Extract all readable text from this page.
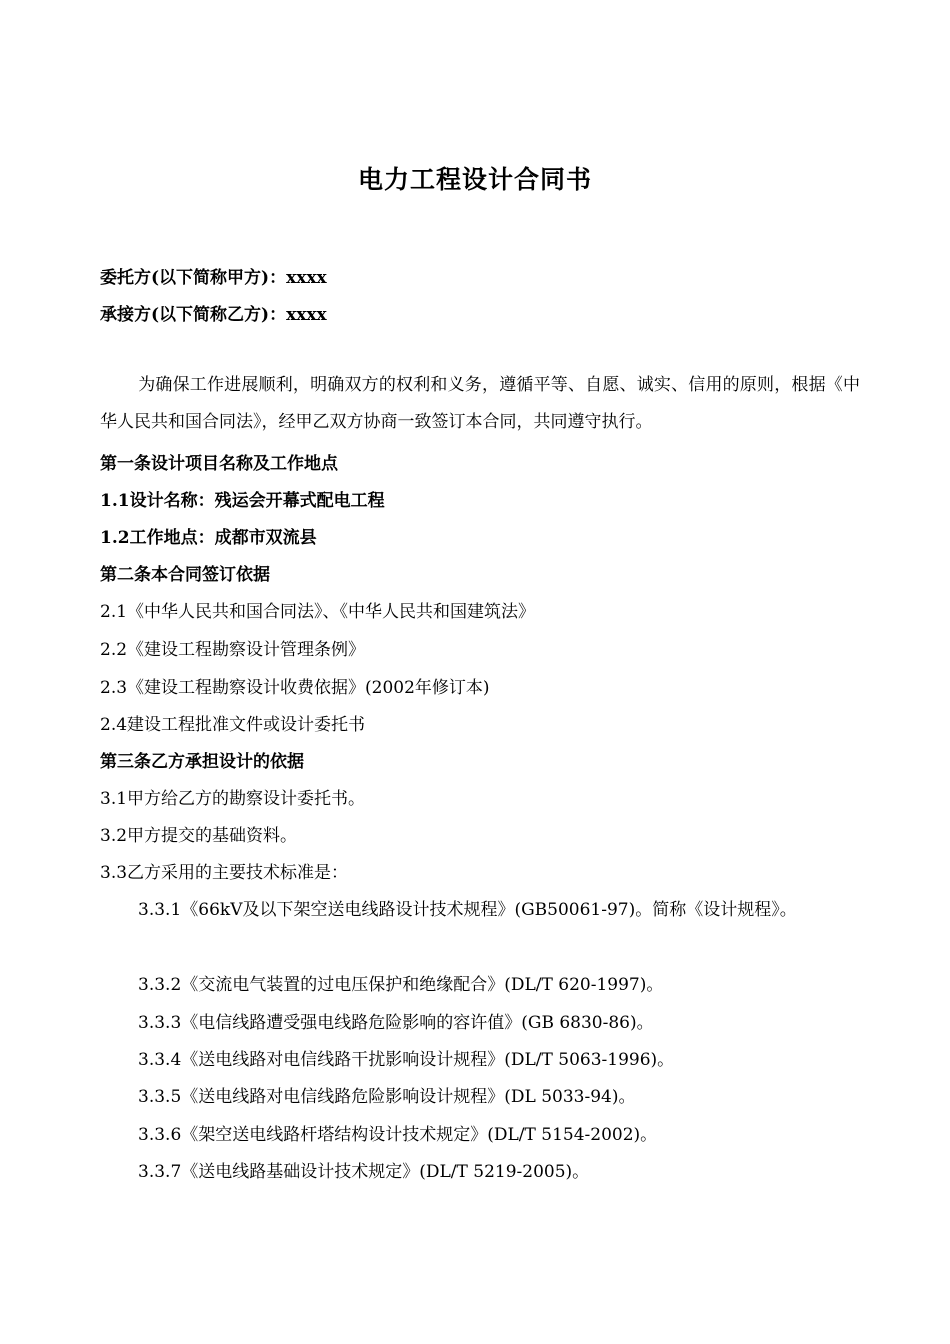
电力工程设计合同书
委托方(以下简称甲方)：xxxx
承接方(以下简称乙方)：xxxx
为确保工作进展顺利，明确双方的权利和义务，遵循平等、自愿、诚实、信用的原则，根据《中华人民共和国合同法》，经甲乙双方协商一致签订本合同，共同遵守执行。
第一条设计项目名称及工作地点
1.1设计名称：残运会开幕式配电工程
1.2工作地点：成都市双流县
第二条本合同签订依据
2.1《中华人民共和国合同法》、《中华人民共和国建筑法》
2.2《建设工程勘察设计管理条例》
2.3《建设工程勘察设计收费依据》(2002年修订本)
2.4建设工程批准文件或设计委托书
第三条乙方承担设计的依据
3.1甲方给乙方的勘察设计委托书。
3.2甲方提交的基础资料。
3.3乙方采用的主要技术标准是：
3.3.1《66kV及以下架空送电线路设计技术规程》(GB50061-97)。简称《设计规程》。
3.3.2《交流电气装置的过电压保护和绝缘配合》(DL/T 620-1997)。
3.3.3《电信线路遭受强电线路危险影响的容许值》(GB 6830-86)。
3.3.4《送电线路对电信线路干扰影响设计规程》(DL/T 5063-1996)。
3.3.5《送电线路对电信线路危险影响设计规程》(DL 5033-94)。
3.3.6《架空送电线路杆塔结构设计技术规定》(DL/T 5154-2002)。
3.3.7《送电线路基础设计技术规定》(DL/T 5219-2005)。
